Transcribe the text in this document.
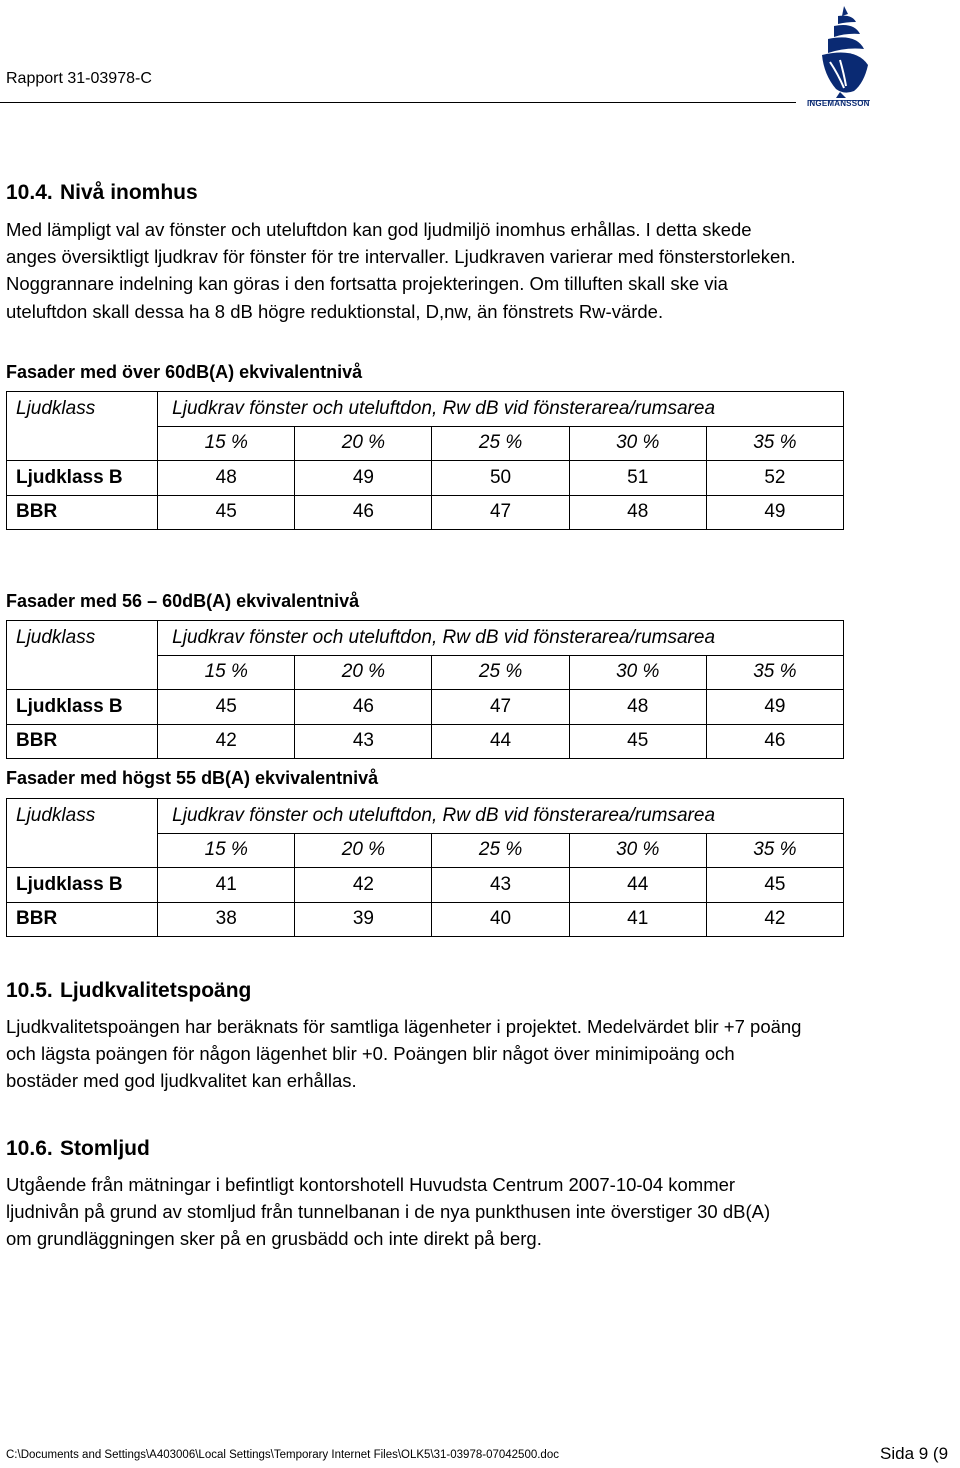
Rapport 31-03978-C
INGEMANSSON
10.4. Nivå inomhus
Med lämpligt val av fönster och uteluftdon kan god ljudmiljö inomhus erhållas. I detta skede anges översiktligt ljudkrav för fönster för tre intervaller. Ljudkraven varierar med fönsterstorleken. Noggrannare indelning kan göras i den fortsatta projekteringen. Om tilluften skall ske via uteluftdon skall dessa ha 8 dB högre reduktionstal, D,nw, än fönstrets Rw-värde.
Fasader med över 60dB(A) ekvivalentnivå
Ljudklass	Ljudkrav fönster och uteluftdon, Rw dB vid fönsterarea/rumsarea				
	15 %	20 %	25 %	30 %	35 %
Ljudklass B	48	49	50	51	52
BBR	45	46	47	48	49
Fasader med 56 – 60dB(A) ekvivalentnivå
Ljudklass	Ljudkrav fönster och uteluftdon, Rw dB vid fönsterarea/rumsarea				
	15 %	20 %	25 %	30 %	35 %
Ljudklass B	45	46	47	48	49
BBR	42	43	44	45	46
Fasader med högst 55 dB(A) ekvivalentnivå
Ljudklass	Ljudkrav fönster och uteluftdon, Rw dB vid fönsterarea/rumsarea				
	15 %	20 %	25 %	30 %	35 %
Ljudklass B	41	42	43	44	45
BBR	38	39	40	41	42
10.5. Ljudkvalitetspoäng
Ljudkvalitetspoängen har beräknats för samtliga lägenheter i projektet. Medelvärdet blir +7 poäng och lägsta poängen för någon lägenhet blir +0. Poängen blir något över minimipoäng och bostäder med god ljudkvalitet kan erhållas.
10.6. Stomljud
Utgående från mätningar i befintligt kontorshotell Huvudsta Centrum 2007-10-04 kommer ljudnivån på grund av stomljud från tunnelbanan i de nya punkthusen inte överstiger 30 dB(A) om grundläggningen sker på en grusbädd och inte direkt på berg.
C:\Documents and Settings\A403006\Local Settings\Temporary Internet Files\OLK5\31-03978-07042500.doc	Sida 9 (9
